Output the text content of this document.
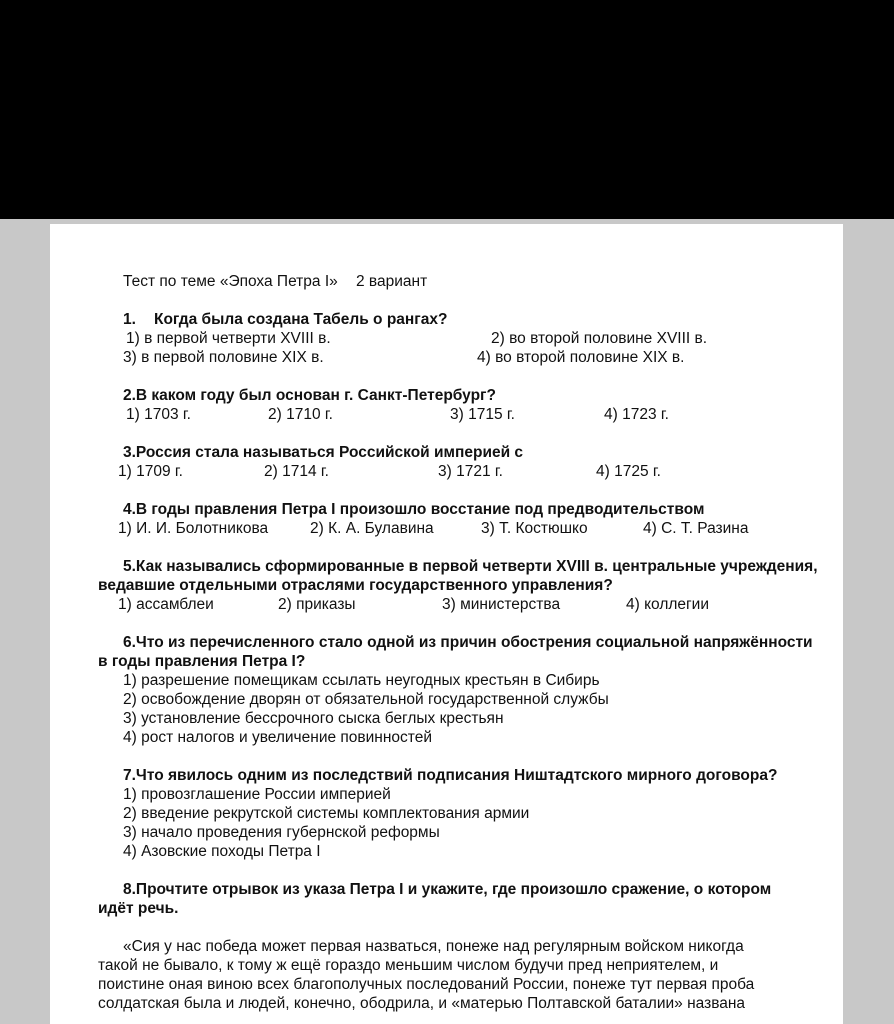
Тест по теме «Эпоха Петра I» 2 вариант
1. Когда была создана Табель о рангах?
1) в первой четверти XVIII в.	2) во второй половине XVIII в.
3) в первой половине XIX в.	4) во второй половине XIX в.
2.В каком году был основан г. Санкт-Петербург?
1) 1703 г.	2) 1710 г.	3) 1715 г.	4) 1723 г.
3.Россия стала называться Российской империей с
1) 1709 г.	2) 1714 г.	3) 1721 г.	4) 1725 г.
4.В годы правления Петра I произошло восстание под предводительством
1) И. И. Болотникова	2) К. А. Булавина	3) Т. Костюшко	4) С. Т. Разина
5.Как назывались сформированные в первой четверти XVIII в. центральные учреждения,
ведавшие отдельными отраслями государственного управления?
1) ассамблеи	2) приказы	3) министерства	4) коллегии
6.Что из перечисленного стало одной из причин обострения социальной напряжённости
в годы правления Петра I?
1) разрешение помещикам ссылать неугодных крестьян в Сибирь
2) освобождение дворян от обязательной государственной службы
3) установление бессрочного сыска беглых крестьян
4) рост налогов и увеличение повинностей
7.Что явилось одним из последствий подписания Ништадтского мирного договора?
1) провозглашение России империей
2) введение рекрутской системы комплектования армии
3) начало проведения губернской реформы
4) Азовские походы Петра I
8.Прочтите отрывок из указа Петра I и укажите, где произошло сражение, о котором
идёт речь.
«Сия у нас победа может первая назваться, понеже над регулярным войском никогда
такой не бывало, к тому ж ещё гораздо меньшим числом будучи пред неприятелем, и
поистине оная виною всех благополучных последований России, понеже тут первая проба
солдатская была и людей, конечно, ободрила, и «матерью Полтавской баталии» названа
